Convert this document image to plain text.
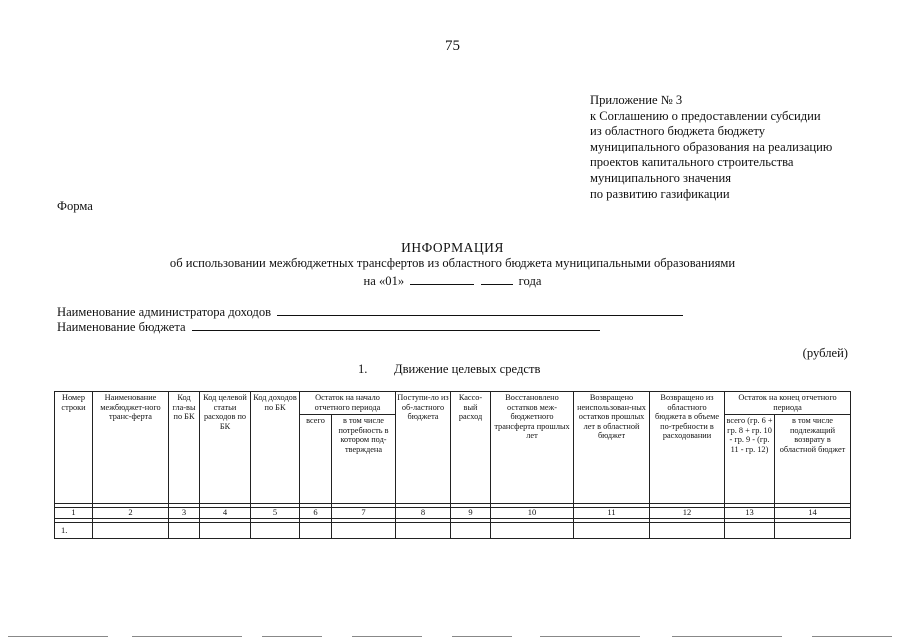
75
Приложение № 3
к Соглашению о предоставлении субсидии
из областного бюджета бюджету
муниципального образования на реализацию
проектов капитального строительства
муниципального значения
по развитию газификации
Форма
ИНФОРМАЦИЯ
об использовании межбюджетных трансфертов из областного бюджета муниципальными образованиями
на «01»	года
Наименование администратора доходов
Наименование бюджета
(рублей)
1. Движение целевых средств
Номер строки	Наименование межбюджет-ного транс-ферта	Код гла-вы по БК	Код целевой статьи расходов по БК	Код доходов по БК	Остаток на начало отчетного периода		Поступи-ло из об-ластного бюджета	Кассо-вый расход	Восстановлено остатков меж-бюджетного трансферта прошлых лет	Возвращено неиспользован-ных остатков прошлых лет в областной бюджет	Возвращено из областного бюджета в объеме по-требности в расходовании	Остаток на конец отчетного периода	
					всего	в том числе потребность в котором под-тверждена						всего (гр. 6 + гр. 8 + гр. 10 - гр. 9 - (гр. 11 - гр. 12)	в том числе подлежащий возврату в областной бюджет

1	2	3	4	5	6	7	8	9	10	11	12	13	14

1.													
